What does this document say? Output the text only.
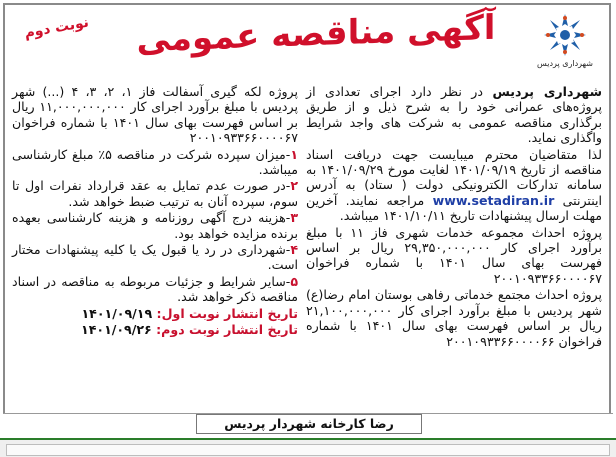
نوبت دوم	آگهی مناقصه عمومی
شهرداری پردیس

شهرداری پردیس در نظر دارد اجرای تعدادی از پروژه‌های عمرانی خود را به شرح ذیل و از طریق برگذاری مناقصه عمومی به شرکت های واجد شرایط واگذاری نماید.

لذا متقاضیان محترم میبایست جهت دریافت اسناد مناقصه از تاریخ ۱۴۰۱/۰۹/۱۹ لغایت مورخ ۱۴۰۱/۰۹/۲۹ به سامانه تدارکات الکترونیکی دولت ( ستاد) به آدرس اینترنتی www.setadiran.ir مراجعه نمایند. آخرین مهلت ارسال پیشنهادات تاریخ ۱۴۰۱/۱۰/۱۱ میباشد.

پروژه احداث مجموعه خدمات شهری فاز ۱۱ با مبلغ برآورد اجرای کار ۲۹,۳۵۰,۰۰۰,۰۰۰ ریال بر اساس فهرست بهای سال ۱۴۰۱ با شماره فراخوان ۲۰۰۱۰۹۳۳۶۶۰۰۰۰۶۷

پروژه احداث مجتمع خدماتی رفاهی بوستان امام رضا(ع) شهر پردیس با مبلغ برآورد اجرای کار ۲۱,۱۰۰,۰۰۰,۰۰۰ ریال بر اساس فهرست بهای سال ۱۴۰۱ با شماره فراخوان ۲۰۰۱۰۹۳۳۶۶۰۰۰۰۶۶

پروژه لکه گیری آسفالت فاز ۱، ۲، ۳، ۴ (...) شهر پردیس با مبلغ برآورد اجرای کار ۱۱,۰۰۰,۰۰۰,۰۰۰ ریال بر اساس فهرست بهای سال ۱۴۰۱ با شماره فراخوان ۲۰۰۱۰۹۳۳۶۶۰۰۰۰۶۷

۱-میزان سپرده شرکت در مناقصه ۵٪ مبلغ کارشناسی میباشد.

۲-در صورت عدم تمایل به عقد قرارداد نفرات اول تا سوم، سپرده آنان به ترتیب ضبط خواهد شد.

۳-هزینه درج آگهی روزنامه و هزینه کارشناسی بعهده برنده مزایده خواهد بود.

۴-شهرداری در رد یا قبول یک یا کلیه پیشنهادات مختار است.

۵-سایر شرایط و جزئیات مربوطه به مناقصه در اسناد مناقصه ذکر خواهد شد.

تاریخ انتشار نوبت اول: ۱۴۰۱/۰۹/۱۹

تاریخ انتشار نوبت دوم: ۱۴۰۱/۰۹/۲۶

رضا کارخانه شهردار پردیس
